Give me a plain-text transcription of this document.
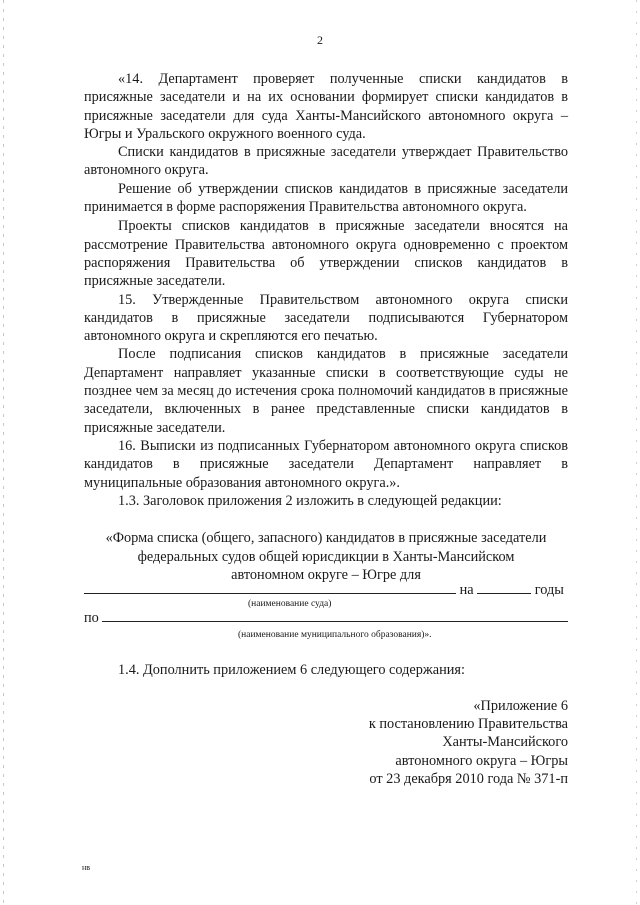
2

«14. Департамент проверяет полученные списки кандидатов в присяжные заседатели и на их основании формирует списки кандидатов в присяжные заседатели для суда Ханты-Мансийского автономного округа – Югры и Уральского окружного военного суда.

Списки кандидатов в присяжные заседатели утверждает Правительство автономного округа.

Решение об утверждении списков кандидатов в присяжные заседатели принимается в форме распоряжения Правительства автономного округа.

Проекты списков кандидатов в присяжные заседатели вносятся на рассмотрение Правительства автономного округа одновременно с проектом распоряжения Правительства об утверждении списков кандидатов в присяжные заседатели.

15. Утвержденные Правительством автономного округа списки кандидатов в присяжные заседатели подписываются Губернатором автономного округа и скрепляются его печатью.

После подписания списков кандидатов в присяжные заседатели Департамент направляет указанные списки в соответствующие суды не позднее чем за месяц до истечения срока полномочий кандидатов в присяжные заседатели, включенных в ранее представленные списки кандидатов в присяжные заседатели.

16. Выписки из подписанных Губернатором автономного округа списков кандидатов в присяжные заседатели Департамент направляет в муниципальные образования автономного округа.».

1.3. Заголовок приложения 2 изложить в следующей редакции:

«Форма списка (общего, запасного) кандидатов в присяжные заседатели
федеральных судов общей юрисдикции в Ханты-Мансийском
автономном округе – Югре для
на	годы
(наименование суда)
по
(наименование муниципального образования)».
1.4. Дополнить приложением 6 следующего содержания:
«Приложение 6
к постановлению Правительства
Ханты-Мансийского
автономного округа – Югры
от 23 декабря 2010 года № 371-п
нв
